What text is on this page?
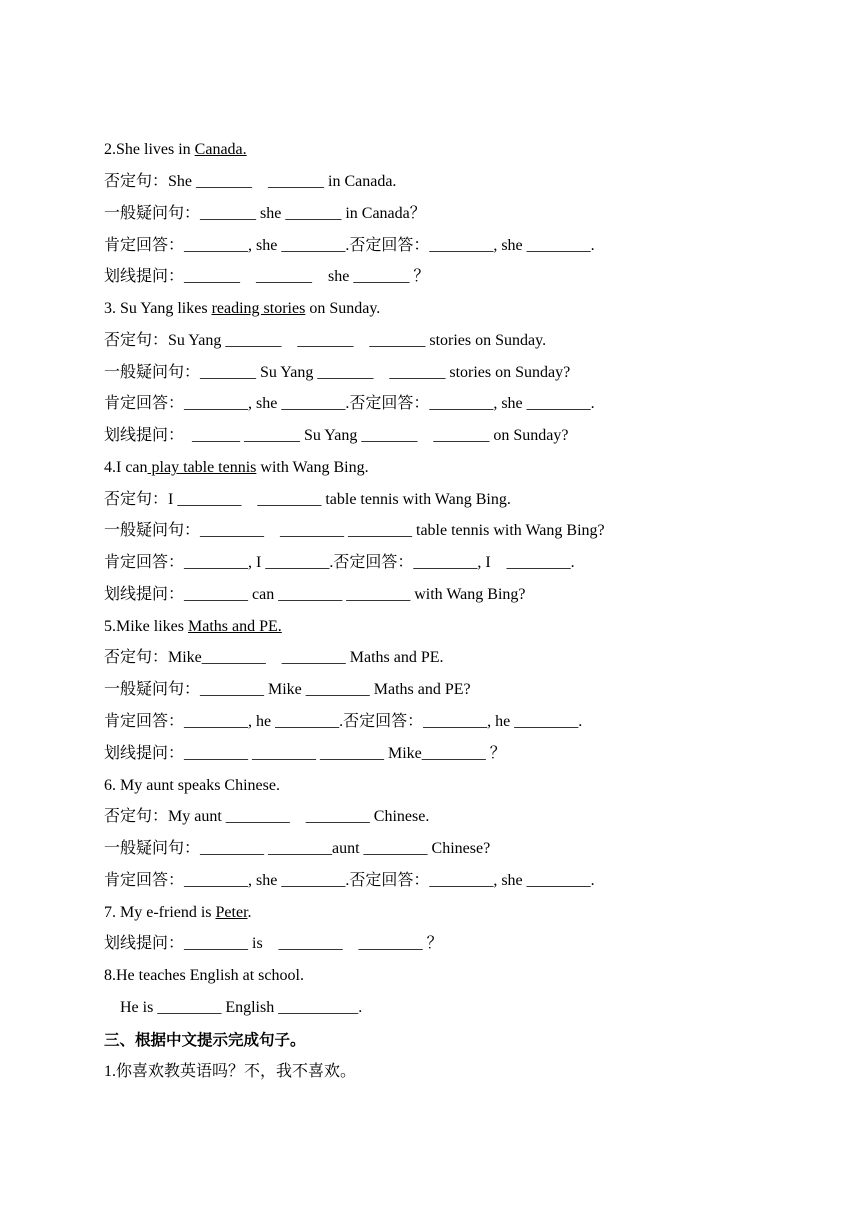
2.She lives in Canada.
否定句：She _______    _______ in Canada.
一般疑问句：_______ she _______ in Canada？
肯定回答：________, she ________.否定回答：________, she ________.
划线提问：_______    _______    she _______ ？
3. Su Yang likes reading stories on Sunday.
否定句：Su Yang _______    _______    _______ stories on Sunday.
一般疑问句：_______ Su Yang _______    _______ stories on Sunday?
肯定回答：________, she ________.否定回答：________, she ________.
划线提问：  ______ _______ Su Yang _______    _______ on Sunday?
4.I can play table tennis with Wang Bing.
否定句：I ________    ________ table tennis with Wang Bing.
一般疑问句：________    ________ ________ table tennis with Wang Bing?
肯定回答：________, I ________.否定回答：________, I    ________.
划线提问：________ can ________ ________ with Wang Bing?
5.Mike likes Maths and PE.
否定句：Mike________    ________ Maths and PE.
一般疑问句：________ Mike ________ Maths and PE?
肯定回答：________, he ________.否定回答：________, he ________.
划线提问：________ ________ ________ Mike________ ？
6. My aunt speaks Chinese.
否定句：My aunt ________    ________ Chinese.
一般疑问句：________ ________aunt ________ Chinese?
肯定回答：________, she ________.否定回答：________, she ________.
7. My e-friend is Peter.
划线提问：________ is    ________    ________ ？
8.He teaches English at school.
He is ________ English __________.
三、根据中文提示完成句子。
1.你喜欢教英语吗？不，我不喜欢。
